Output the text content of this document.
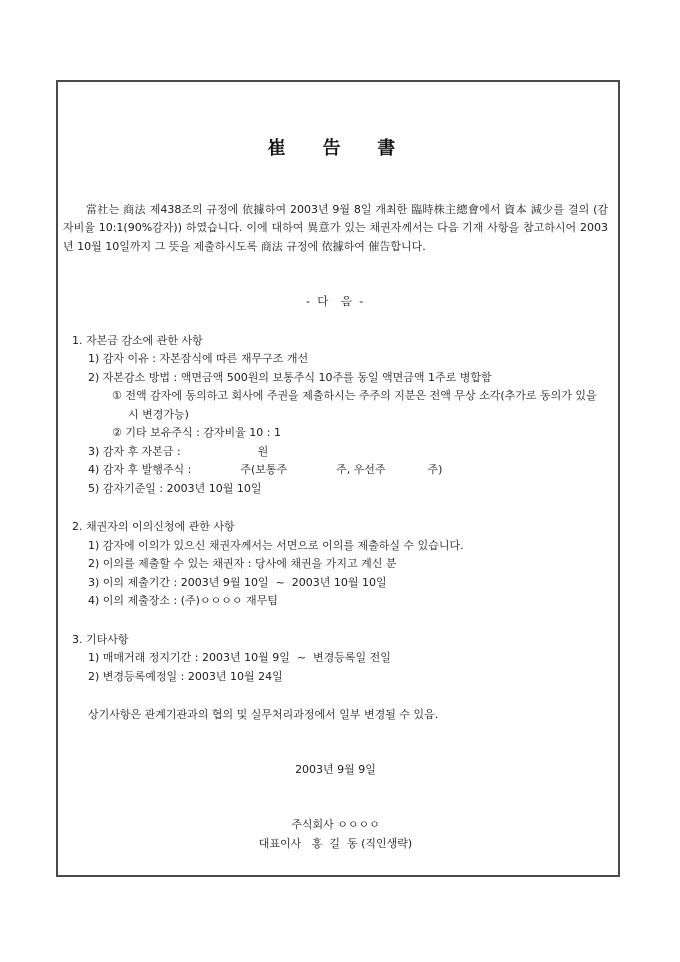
崔  告  書

當社는 商法 제438조의 규정에 依據하여 2003년 9월 8일 개최한 臨時株主總會에서 資本 減少를 결의 (감자비율 10:1(90%감자)) 하였습니다. 이에 대하여 異意가 있는 채권자께서는 다음 기재 사항을 참고하시어 2003년 10월 10일까지 그 뜻을 제출하시도록 商法 규정에 依據하여 催告합니다.

- 다  음 -
1. 자본금 감소에 관한 사항
1) 감자 이유 : 자본잠식에 따른 재무구조 개선
2) 자본감소 방법 : 액면금액 500원의 보통주식 10주를 동일 액면금액 1주로 병합함
① 전액 감자에 동의하고 회사에 주권을 제출하시는 주주의 지분은 전액 무상 소각(추가로 동의가 있을 시 변경가능)
② 기타 보유주식 : 감자비율 10 : 1
3) 감자 후 자본금 :                      원
4) 감자 후 발행주식 :              주(보통주              주, 우선주            주)
5) 감자기준일 : 2003년 10월 10일
2. 채권자의 이의신청에 관한 사항
1) 감자에 이의가 있으신 채권자께서는 서면으로 이의를 제출하실 수 있습니다.
2) 이의를 제출할 수 있는 채권자 : 당사에 채권을 가지고 계신 분
3) 이의 제출기간 : 2003년 9월 10일  ~  2003년 10월 10일
4) 이의 제출장소 : (주)ㅇㅇㅇㅇ 재무팀
3. 기타사항
1) 매매거래 정지기간 : 2003년 10월 9일  ~  변경등록일 전일
2) 변경등록예정일 : 2003년 10월 24일
상기사항은 관계기관과의 협의 및 실무처리과정에서 일부 변경될 수 있음.
2003년 9월 9일
주식회사 ㅇㅇㅇㅇ
대표이사   홍  길  동 (직인생략)
